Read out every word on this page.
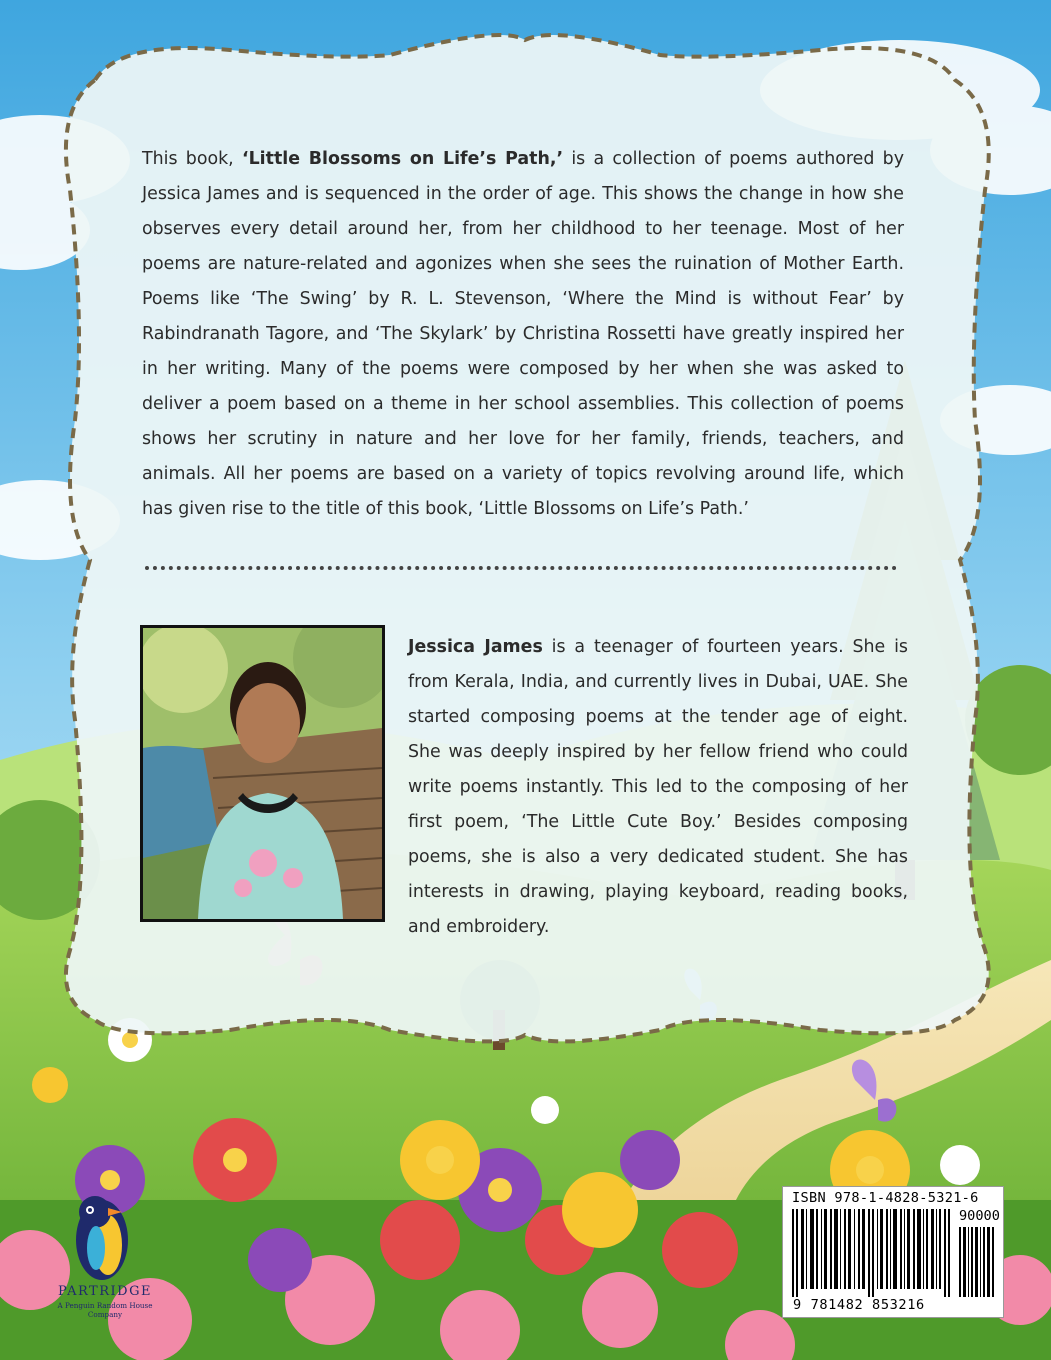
This book, ‘Little Blossoms on Life’s Path,’ is a collection of poems authored by Jessica James and is sequenced in the order of age. This shows the change in how she observes every detail around her, from her childhood to her teenage. Most of her poems are nature-related and agonizes when she sees the ruination of Mother Earth. Poems like ‘The Swing’ by R. L. Stevenson, ‘Where the Mind is without Fear’ by Rabindranath Tagore, and ‘The Skylark’ by Christina Rossetti have greatly inspired her in her writing. Many of the poems were composed by her when she was asked to deliver a poem based on a theme in her school assemblies. This collection of poems shows her scrutiny in nature and her love for her family, friends, teachers, and animals. All her poems are based on a variety of topics revolving around life, which has given rise to the title of this book, ‘Little Blossoms on Life’s Path.’

Jessica James is a teenager of fourteen years. She is from Kerala, India, and currently lives in Dubai, UAE. She started composing poems at the tender age of eight. She was deeply inspired by her fellow friend who could write poems instantly. This led to the composing of her first poem, ‘The Little Cute Boy.’ Besides composing poems, she is also a very dedicated student. She has interests in drawing, playing keyboard, reading books, and embroidery.

PARTRIDGE
A Penguin Random House Company
ISBN 978-1-4828-5321-6
90000
9 781482 853216
